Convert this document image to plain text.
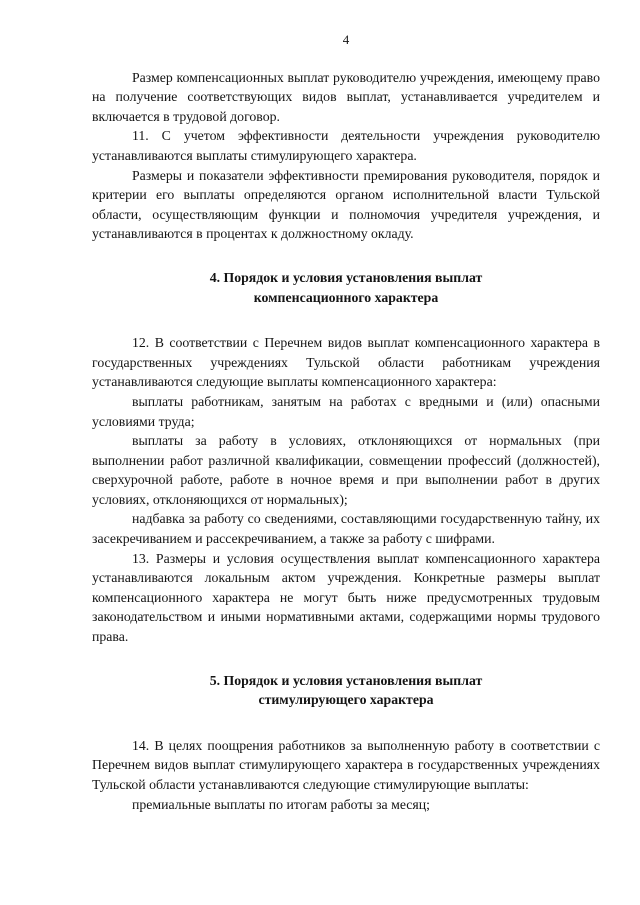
4

Размер компенсационных выплат руководителю учреждения, имеющему право на получение соответствующих видов выплат, устанавливается учредителем и включается в трудовой договор.

11. С учетом эффективности деятельности учреждения руководителю устанавливаются выплаты стимулирующего характера.

Размеры и показатели эффективности премирования руководителя, порядок и критерии его выплаты определяются органом исполнительной власти Тульской области, осуществляющим функции и полномочия учредителя учреждения, и устанавливаются в процентах к должностному окладу.

4. Порядок и условия установления выплат
компенсационного характера

12. В соответствии с Перечнем видов выплат компенсационного характера в государственных учреждениях Тульской области работникам учреждения устанавливаются следующие выплаты компенсационного характера:

выплаты работникам, занятым на работах с вредными и (или) опасными условиями труда;

выплаты за работу в условиях, отклоняющихся от нормальных (при выполнении работ различной квалификации, совмещении профессий (должностей), сверхурочной работе, работе в ночное время и при выполнении работ в других условиях, отклоняющихся от нормальных);

надбавка за работу со сведениями, составляющими государственную тайну, их засекречиванием и рассекречиванием, а также за работу с шифрами.

13. Размеры и условия осуществления выплат компенсационного характера устанавливаются локальным актом учреждения. Конкретные размеры выплат компенсационного характера не могут быть ниже предусмотренных трудовым законодательством и иными нормативными актами, содержащими нормы трудового права.

5. Порядок и условия установления выплат
стимулирующего характера

14. В целях поощрения работников за выполненную работу в соответствии с Перечнем видов выплат стимулирующего характера в государственных учреждениях Тульской области устанавливаются следующие стимулирующие выплаты:

премиальные выплаты по итогам работы за месяц;
